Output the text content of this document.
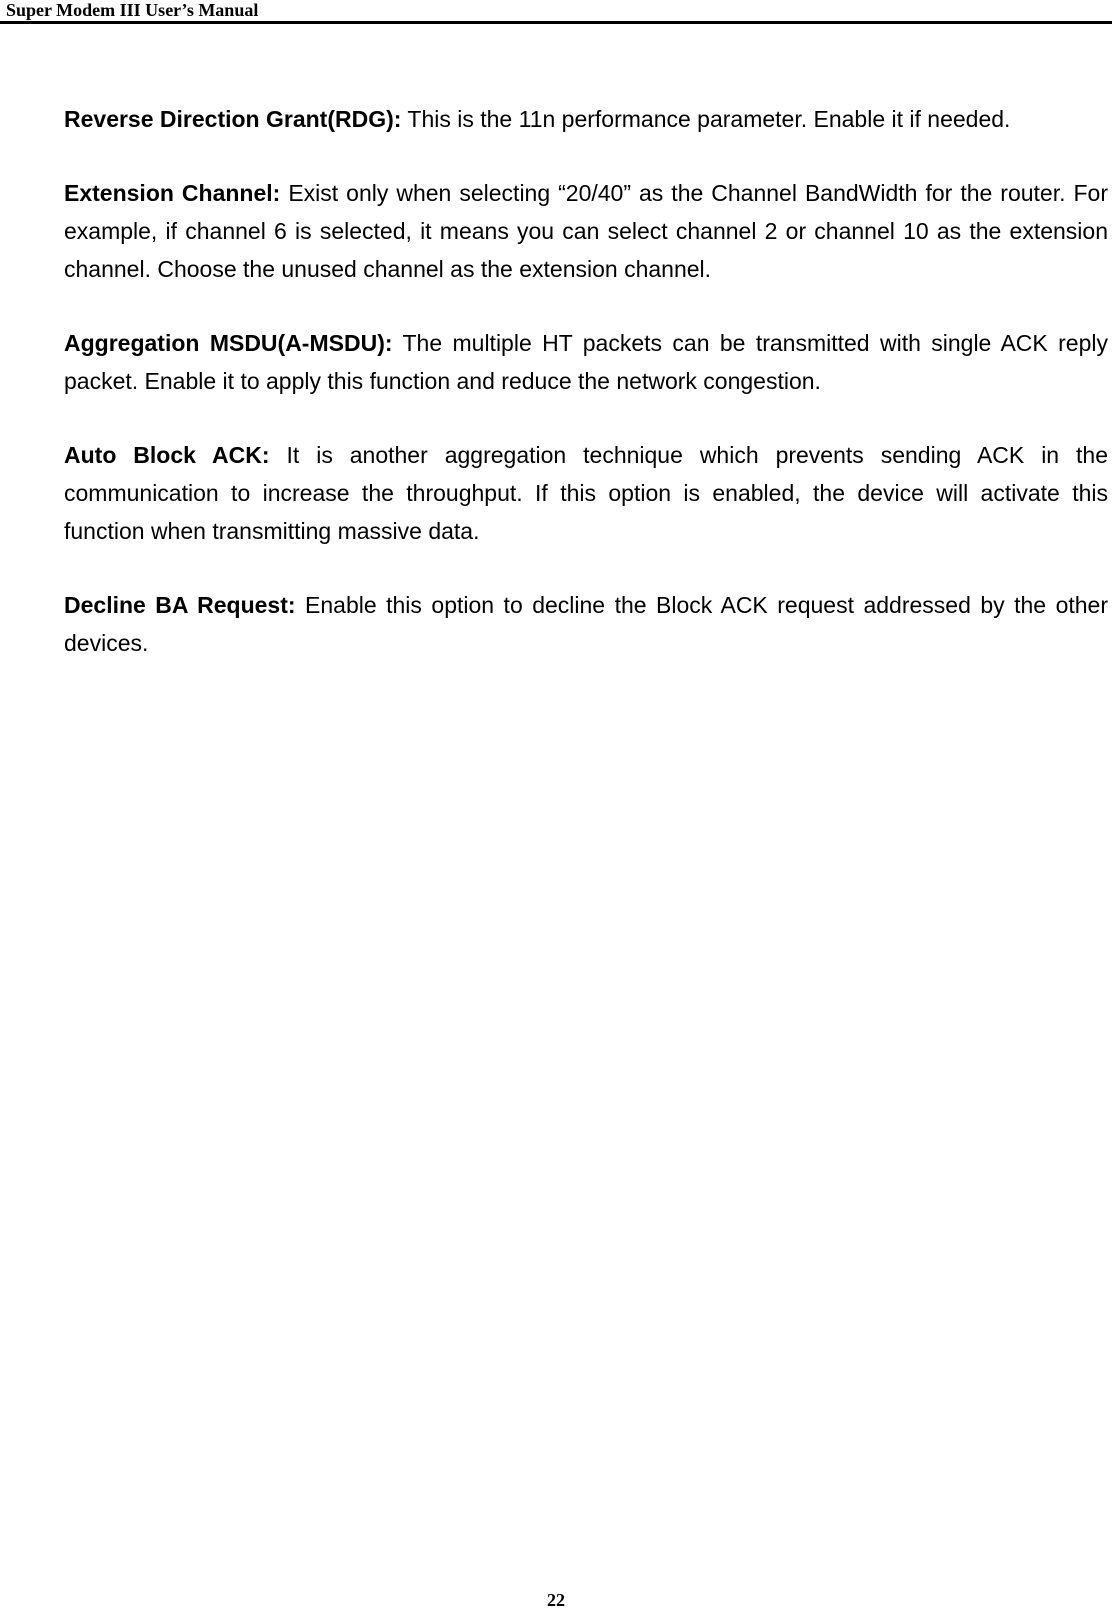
Super Modem III User’s Manual

Reverse Direction Grant(RDG): This is the 11n performance parameter. Enable it if needed.

Extension Channel: Exist only when selecting “20/40” as the Channel BandWidth for the router. For example, if channel 6 is selected, it means you can select channel 2 or channel 10 as the extension channel. Choose the unused channel as the extension channel.

Aggregation MSDU(A-MSDU): The multiple HT packets can be transmitted with single ACK reply packet. Enable it to apply this function and reduce the network congestion.

Auto Block ACK: It is another aggregation technique which prevents sending ACK in the communication to increase the throughput. If this option is enabled, the device will activate this function when transmitting massive data.

Decline BA Request: Enable this option to decline the Block ACK request addressed by the other devices.

22
